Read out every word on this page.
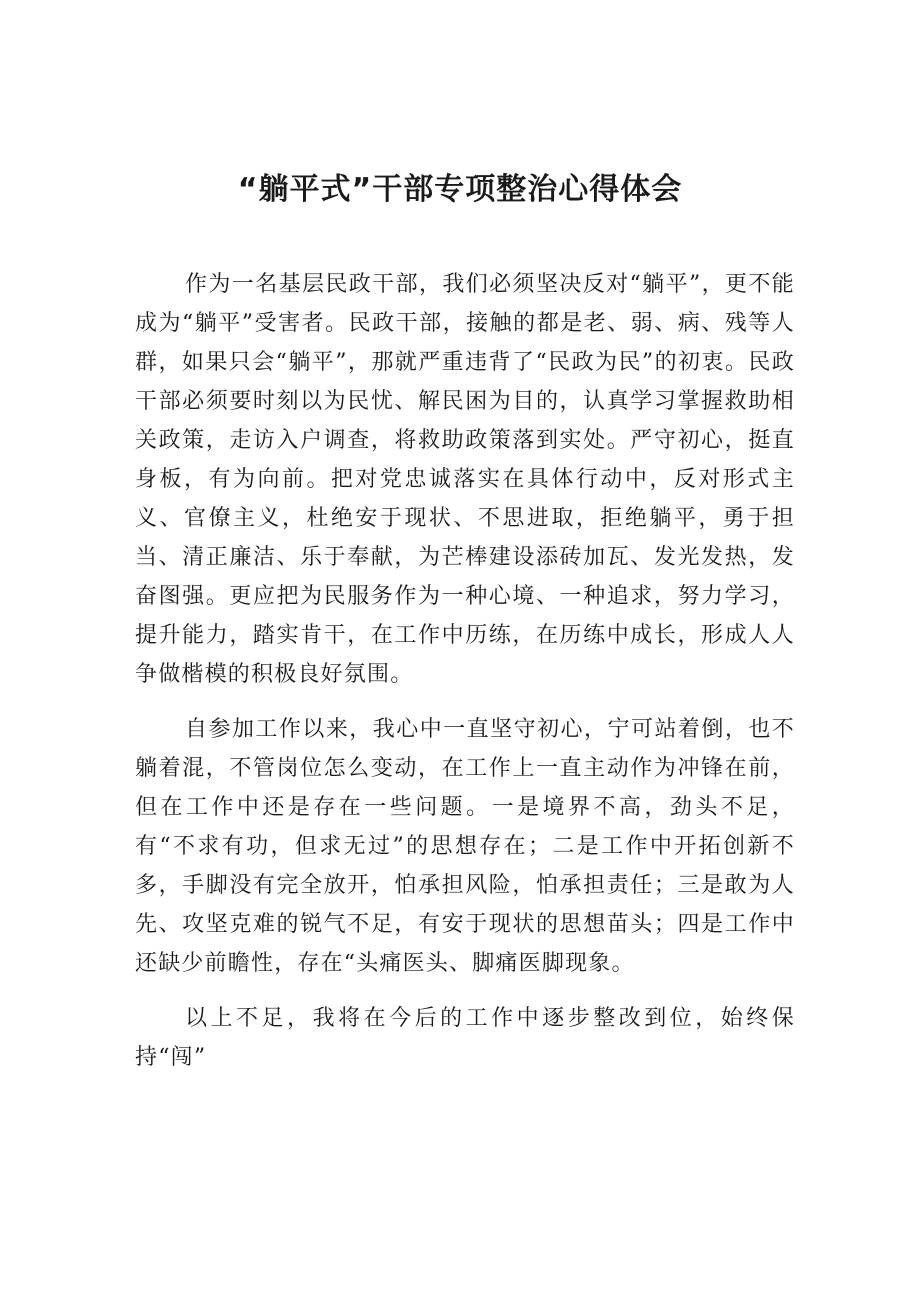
“躺平式”干部专项整治心得体会

作为一名基层民政干部，我们必须坚决反对“躺平”，更不能成为“躺平”受害者。民政干部，接触的都是老、弱、病、残等人群，如果只会“躺平”，那就严重违背了“民政为民”的初衷。民政干部必须要时刻以为民忧、解民困为目的，认真学习掌握救助相关政策，走访入户调查，将救助政策落到实处。严守初心，挺直身板，有为向前。把对党忠诚落实在具体行动中，反对形式主义、官僚主义，杜绝安于现状、不思进取，拒绝躺平，勇于担当、清正廉洁、乐于奉献，为芒棒建设添砖加瓦、发光发热，发奋图强。更应把为民服务作为一种心境、一种追求，努力学习，提升能力，踏实肯干，在工作中历练，在历练中成长，形成人人争做楷模的积极良好氛围。

自参加工作以来，我心中一直坚守初心，宁可站着倒，也不躺着混，不管岗位怎么变动，在工作上一直主动作为冲锋在前，但在工作中还是存在一些问题。一是境界不高，劲头不足，有“不求有功，但求无过”的思想存在；二是工作中开拓创新不多，手脚没有完全放开，怕承担风险，怕承担责任；三是敢为人先、攻坚克难的锐气不足，有安于现状的思想苗头；四是工作中还缺少前瞻性，存在“头痛医头、脚痛医脚现象。

以上不足，我将在今后的工作中逐步整改到位，始终保持“闯”
